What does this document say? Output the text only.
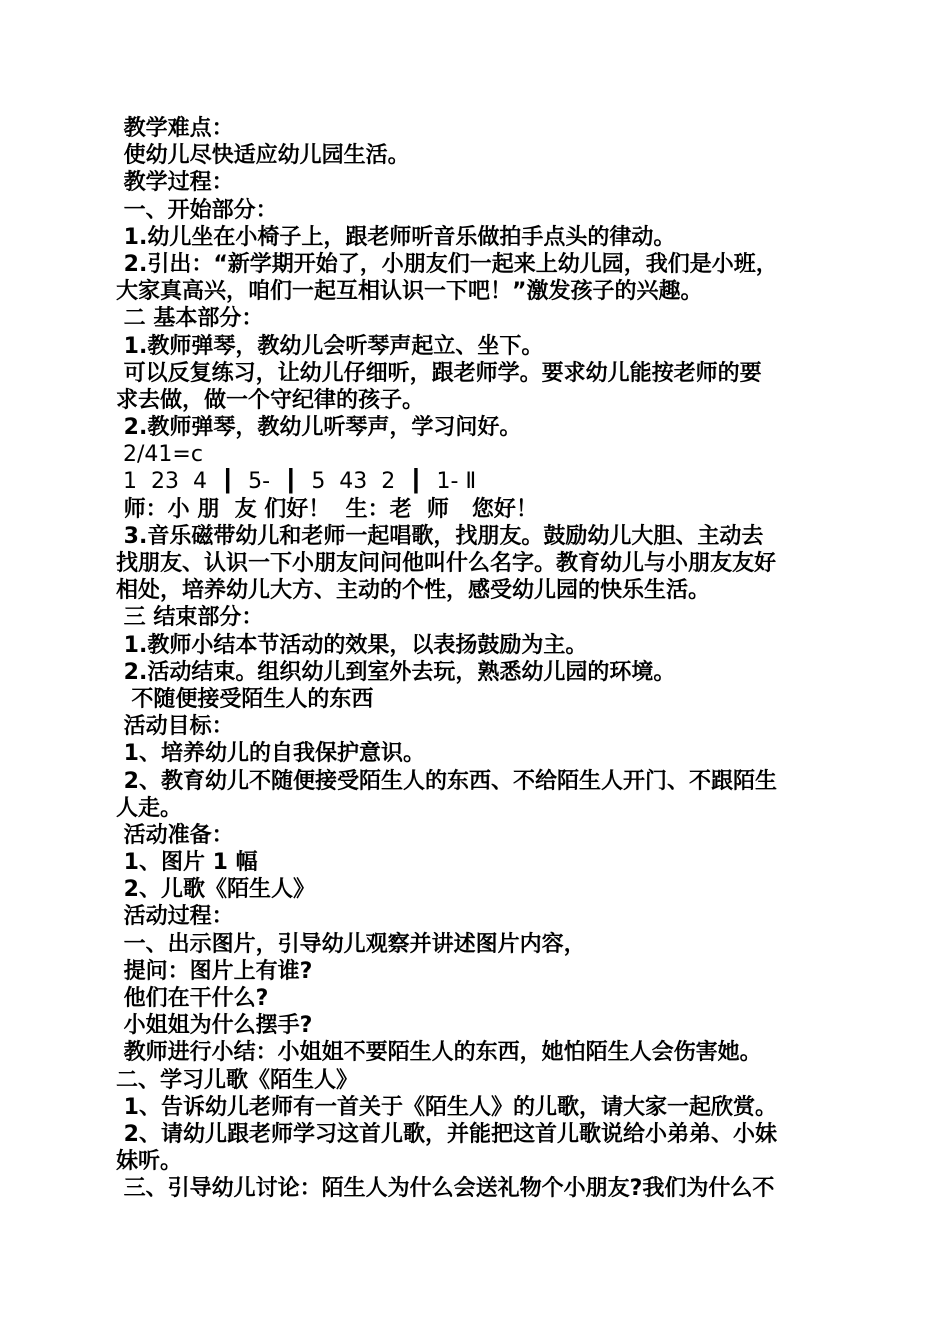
教学难点：
使幼儿尽快适应幼儿园生活。
教学过程：
一、开始部分：
1.幼儿坐在小椅子上，跟老师听音乐做拍手点头的律动。
2.引出：“新学期开始了，小朋友们一起来上幼儿园，我们是小班，
大家真高兴，咱们一起互相认识一下吧！”激发孩子的兴趣。
二 基本部分：
1.教师弹琴，教幼儿会听琴声起立、坐下。
可以反复练习，让幼儿仔细听，跟老师学。要求幼儿能按老师的要
求去做，做一个守纪律的孩子。
2.教师弹琴，教幼儿听琴声，学习问好。
2/41=c
1  23  4  ┃  5-  ┃  5  43  2  ┃  1- Ⅱ
师：小 朋  友 们好！  生：老  师   您好！
3.音乐磁带幼儿和老师一起唱歌，找朋友。鼓励幼儿大胆、主动去
找朋友、认识一下小朋友问问他叫什么名字。教育幼儿与小朋友友好
相处，培养幼儿大方、主动的个性，感受幼儿园的快乐生活。
三 结束部分：
1.教师小结本节活动的效果，以表扬鼓励为主。
2.活动结束。组织幼儿到室外去玩，熟悉幼儿园的环境。
不随便接受陌生人的东西
活动目标：
1、培养幼儿的自我保护意识。
2、教育幼儿不随便接受陌生人的东西、不给陌生人开门、不跟陌生
人走。
活动准备：
1、图片 1 幅
2、儿歌《陌生人》
活动过程：
一、出示图片，引导幼儿观察并讲述图片内容，
提问：图片上有谁?
他们在干什么?
小姐姐为什么摆手?
教师进行小结：小姐姐不要陌生人的东西，她怕陌生人会伤害她。
二、学习儿歌《陌生人》
1、告诉幼儿老师有一首关于《陌生人》的儿歌，请大家一起欣赏。
2、请幼儿跟老师学习这首儿歌，并能把这首儿歌说给小弟弟、小妹
妹听。
三、引导幼儿讨论：陌生人为什么会送礼物个小朋友?我们为什么不
